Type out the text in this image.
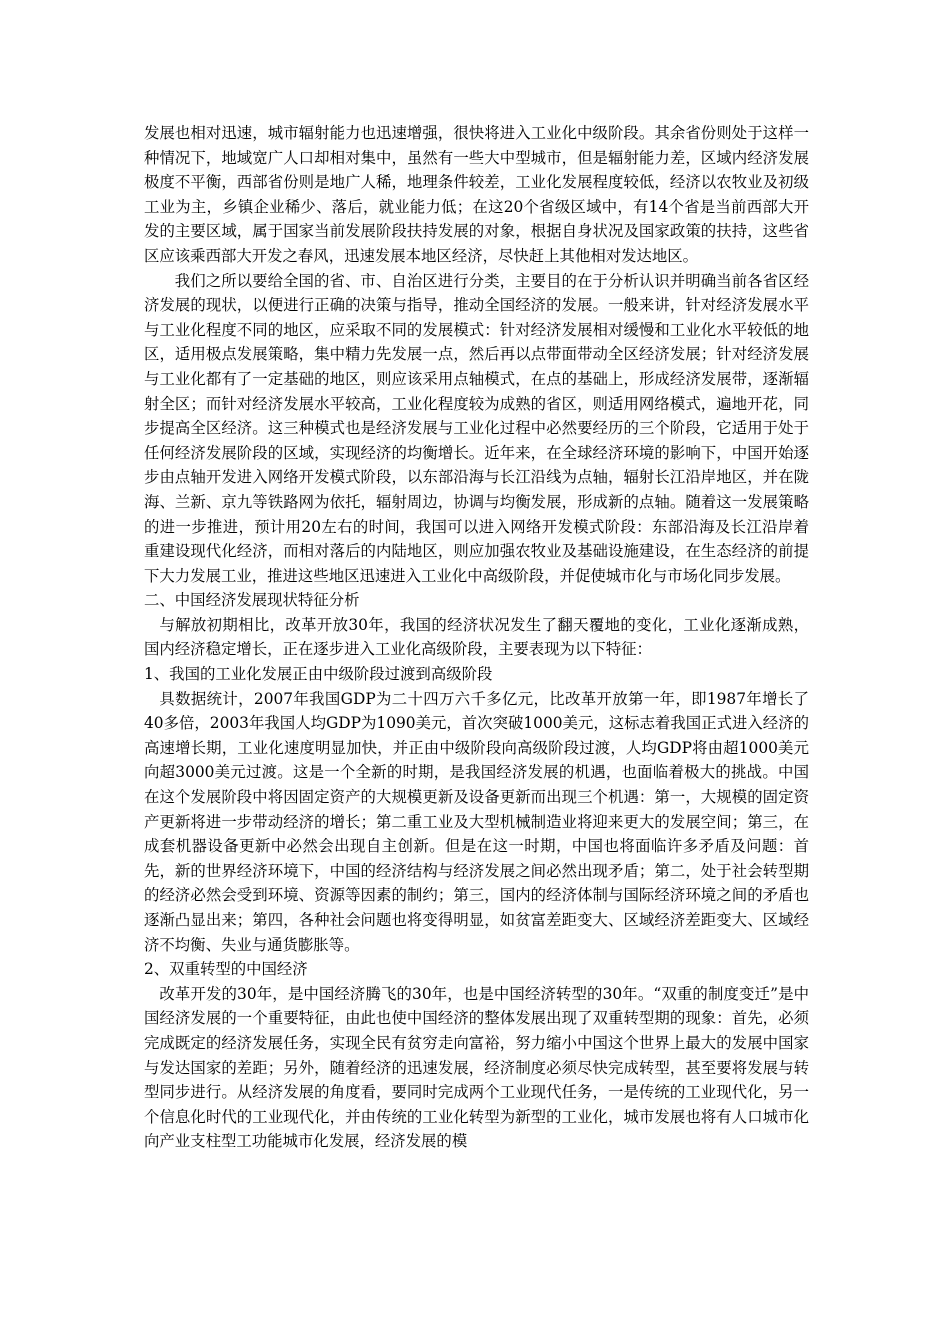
发展也相对迅速，城市辐射能力也迅速增强，很快将进入工业化中级阶段。其余省份则处于这样一种情况下，地域宽广人口却相对集中，虽然有一些大中型城市，但是辐射能力差，区域内经济发展极度不平衡，西部省份则是地广人稀，地理条件较差，工业化发展程度较低，经济以农牧业及初级工业为主，乡镇企业稀少、落后，就业能力低；在这20个省级区域中，有14个省是当前西部大开发的主要区域，属于国家当前发展阶段扶持发展的对象，根据自身状况及国家政策的扶持，这些省区应该乘西部大开发之春风，迅速发展本地区经济，尽快赶上其他相对发达地区。

我们之所以要给全国的省、市、自治区进行分类，主要目的在于分析认识并明确当前各省区经济发展的现状，以便进行正确的决策与指导，推动全国经济的发展。一般来讲，针对经济发展水平与工业化程度不同的地区，应采取不同的发展模式：针对经济发展相对缓慢和工业化水平较低的地区，适用极点发展策略，集中精力先发展一点，然后再以点带面带动全区经济发展；针对经济发展与工业化都有了一定基础的地区，则应该采用点轴模式，在点的基础上，形成经济发展带，逐渐辐射全区；而针对经济发展水平较高，工业化程度较为成熟的省区，则适用网络模式，遍地开花，同步提高全区经济。这三种模式也是经济发展与工业化过程中必然要经历的三个阶段，它适用于处于任何经济发展阶段的区域，实现经济的均衡增长。近年来，在全球经济环境的影响下，中国开始逐步由点轴开发进入网络开发模式阶段，以东部沿海与长江沿线为点轴，辐射长江沿岸地区，并在陇海、兰新、京九等铁路网为依托，辐射周边，协调与均衡发展，形成新的点轴。随着这一发展策略的进一步推进，预计用20左右的时间，我国可以进入网络开发模式阶段：东部沿海及长江沿岸着重建设现代化经济，而相对落后的内陆地区，则应加强农牧业及基础设施建设，在生态经济的前提下大力发展工业，推进这些地区迅速进入工业化中高级阶段，并促使城市化与市场化同步发展。

二、中国经济发展现状特征分析

与解放初期相比，改革开放30年，我国的经济状况发生了翻天覆地的变化，工业化逐渐成熟，国内经济稳定增长，正在逐步进入工业化高级阶段，主要表现为以下特征：

1、我国的工业化发展正由中级阶段过渡到高级阶段

具数据统计，2007年我国GDP为二十四万六千多亿元，比改革开放第一年，即1987年增长了40多倍，2003年我国人均GDP为1090美元，首次突破1000美元，这标志着我国正式进入经济的高速增长期，工业化速度明显加快，并正由中级阶段向高级阶段过渡，人均GDP将由超1000美元向超3000美元过渡。这是一个全新的时期，是我国经济发展的机遇，也面临着极大的挑战。中国在这个发展阶段中将因固定资产的大规模更新及设备更新而出现三个机遇：第一，大规模的固定资产更新将进一步带动经济的增长；第二重工业及大型机械制造业将迎来更大的发展空间；第三，在成套机器设备更新中必然会出现自主创新。但是在这一时期，中国也将面临许多矛盾及问题：首先，新的世界经济环境下，中国的经济结构与经济发展之间必然出现矛盾；第二，处于社会转型期的经济必然会受到环境、资源等因素的制约；第三，国内的经济体制与国际经济环境之间的矛盾也逐渐凸显出来；第四，各种社会问题也将变得明显，如贫富差距变大、区域经济差距变大、区域经济不均衡、失业与通货膨胀等。

2、双重转型的中国经济

改革开发的30年，是中国经济腾飞的30年，也是中国经济转型的30年。“双重的制度变迁”是中国经济发展的一个重要特征，由此也使中国经济的整体发展出现了双重转型期的现象：首先，必须完成既定的经济发展任务，实现全民有贫穷走向富裕，努力缩小中国这个世界上最大的发展中国家与发达国家的差距；另外，随着经济的迅速发展，经济制度必须尽快完成转型，甚至要将发展与转型同步进行。从经济发展的角度看，要同时完成两个工业现代任务，一是传统的工业现代化，另一个信息化时代的工业现代化，并由传统的工业化转型为新型的工业化，城市发展也将有人口城市化向产业支柱型工功能城市化发展，经济发展的模
